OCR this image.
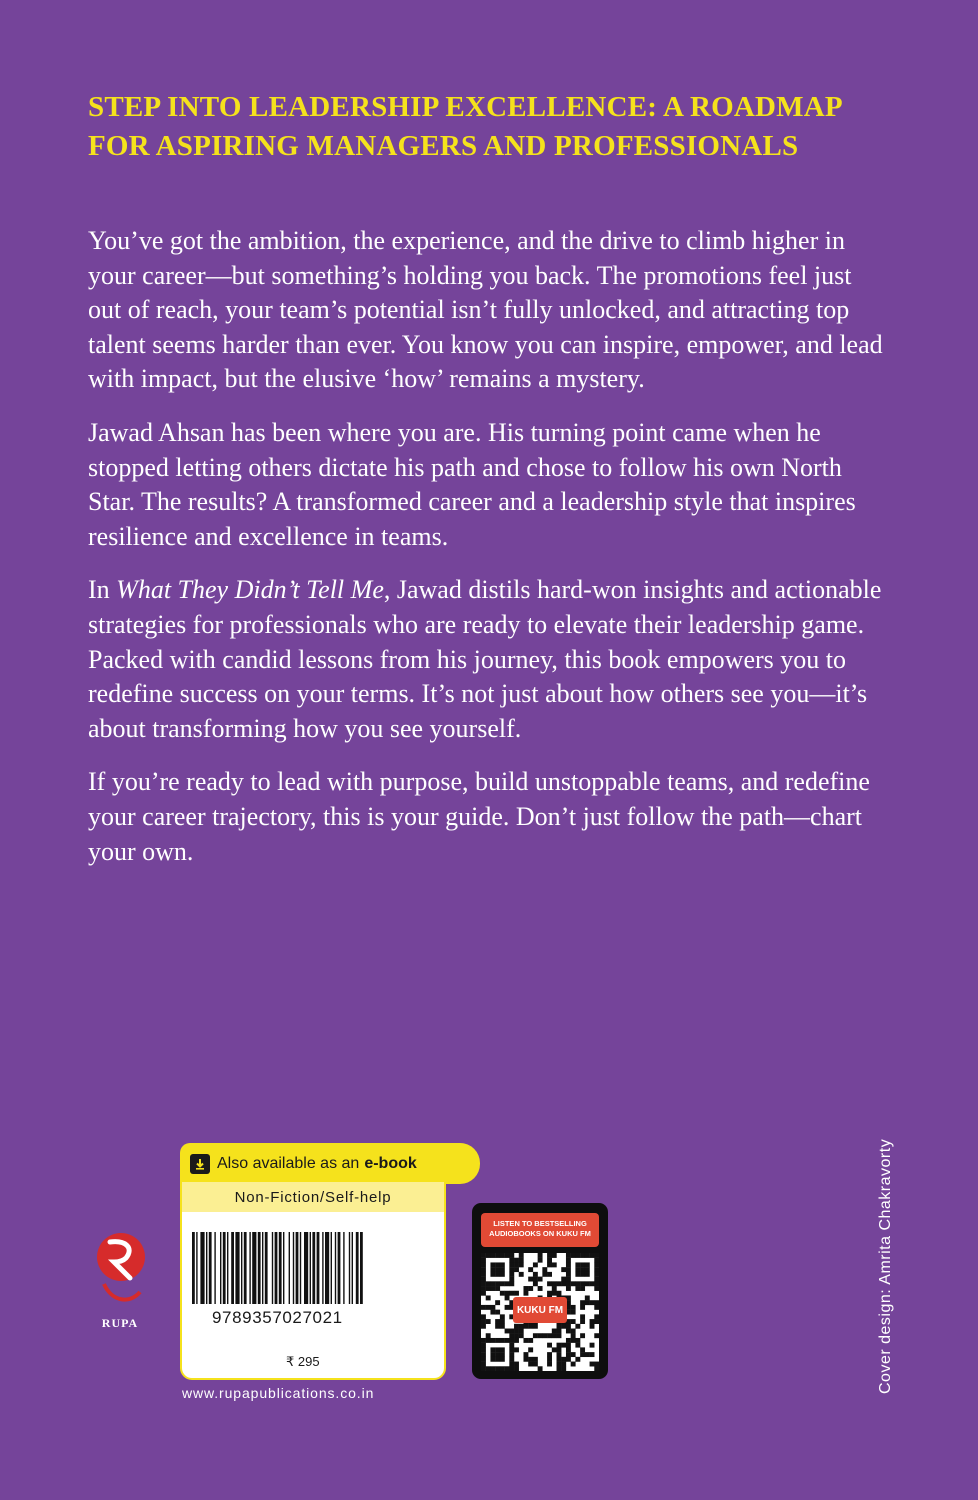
STEP INTO LEADERSHIP EXCELLENCE: A ROADMAP
FOR ASPIRING MANAGERS AND PROFESSIONALS

You’ve got the ambition, the experience, and the drive to climb higher in your career—but something’s holding you back. The promotions feel just out of reach, your team’s potential isn’t fully unlocked, and attracting top talent seems harder than ever. You know you can inspire, empower, and lead with impact, but the elusive ‘how’ remains a mystery.

Jawad Ahsan has been where you are. His turning point came when he stopped letting others dictate his path and chose to follow his own North Star. The results? A transformed career and a leadership style that inspires resilience and excellence in teams.

In What They Didn’t Tell Me, Jawad distils hard-won insights and actionable strategies for professionals who are ready to elevate their leadership game. Packed with candid lessons from his journey, this book empowers you to redefine success on your terms. It’s not just about how others see you—it’s about transforming how you see yourself.

If you’re ready to lead with purpose, build unstoppable teams, and redefine your career trajectory, this is your guide. Don’t just follow the path—chart your own.

Also available as an e-book
Non-Fiction/Self-help
9789357027021
₹ 295
RUPA
www.rupapublications.co.in
LISTEN TO BESTSELLING AUDIOBOOKS ON KUKU FM
KUKU FM	Cover design: Amrita Chakravorty
